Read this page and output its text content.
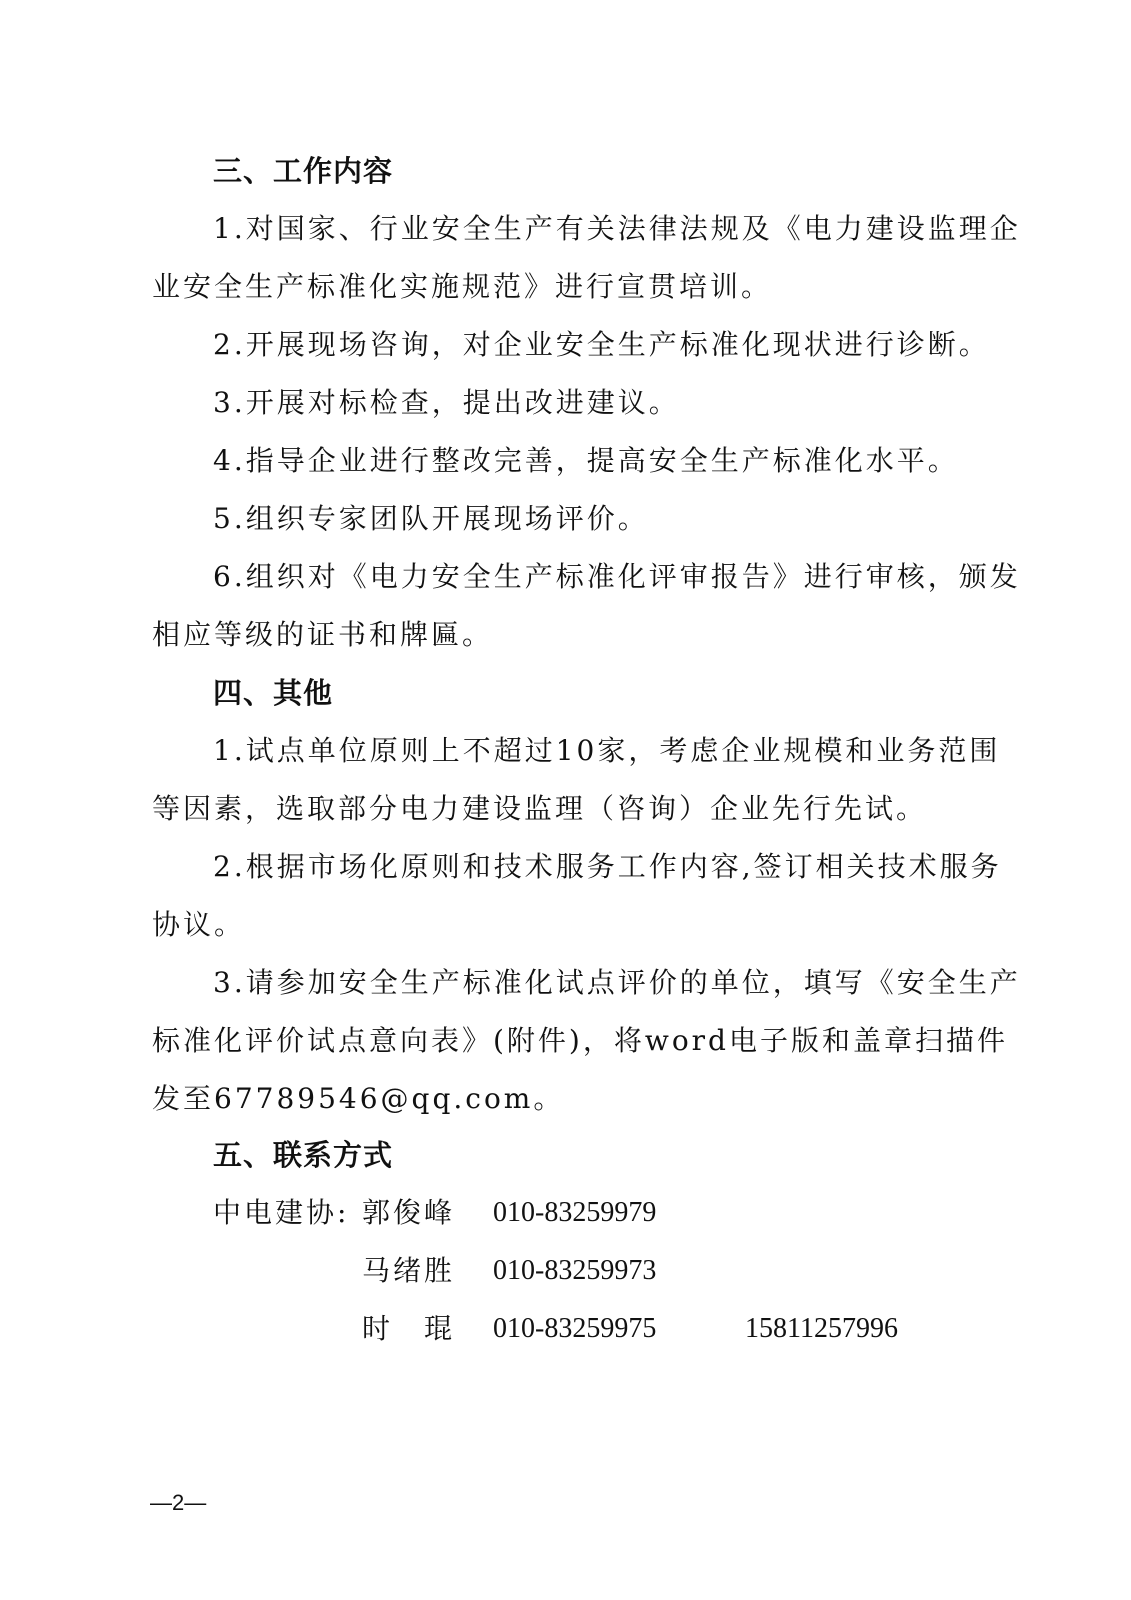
三、工作内容
1.对国家、行业安全生产有关法律法规及《电力建设监理企
业安全生产标准化实施规范》进行宣贯培训。
2.开展现场咨询，对企业安全生产标准化现状进行诊断。
3.开展对标检查，提出改进建议。
4.指导企业进行整改完善，提高安全生产标准化水平。
5.组织专家团队开展现场评价。
6.组织对《电力安全生产标准化评审报告》进行审核，颁发
相应等级的证书和牌匾。
四、其他
1.试点单位原则上不超过10家，考虑企业规模和业务范围
等因素，选取部分电力建设监理（咨询）企业先行先试。
2.根据市场化原则和技术服务工作内容,签订相关技术服务
协议。
3.请参加安全生产标准化试点评价的单位，填写《安全生产
标准化评价试点意向表》(附件)，将word电子版和盖章扫描件
发至67789546@qq.com。
五、联系方式
中电建协: 郭俊峰 010-83259979
马绪胜 010-83259973
时　琨 010-83259975	15811257996
—2—
